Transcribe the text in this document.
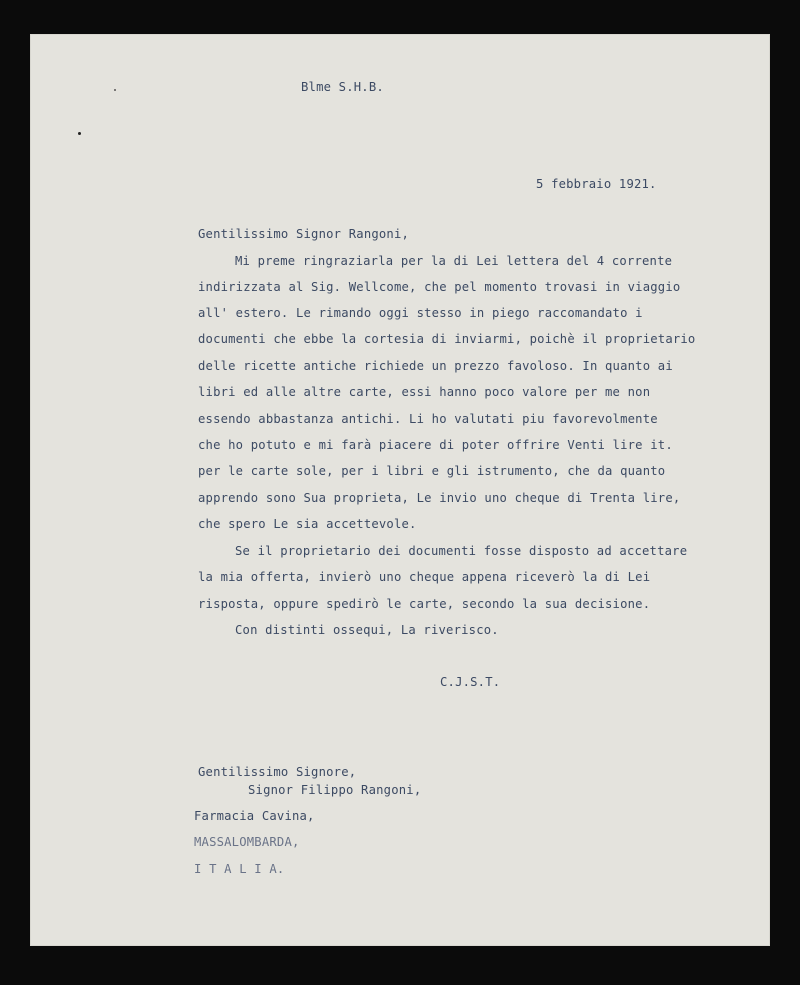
Blme S.H.B.
5 febbraio 1921.
Gentilissimo Signor Rangoni,
Mi preme ringraziarla per la di Lei lettera del 4 corrente
indirizzata al Sig. Wellcome, che pel momento trovasi in viaggio
all' estero. Le rimando oggi stesso in piego raccomandato i
documenti che ebbe la cortesia di inviarmi, poichè il proprietario
delle ricette antiche richiede un prezzo favoloso. In quanto ai
libri ed alle altre carte, essi hanno poco valore per me non
essendo abbastanza antichi. Li ho valutati piu favorevolmente
che ho potuto e mi farà piacere di poter offrire Venti lire it.
per le carte sole, per i libri e gli istrumento, che da quanto
apprendo sono Sua proprieta, Le invio uno cheque di Trenta lire,
che spero Le sia accettevole.
Se il proprietario dei documenti fosse disposto ad accettare
la mia offerta, invierò uno cheque appena riceverò la di Lei
risposta, oppure spedirò le carte, secondo la sua decisione.
Con distinti ossequi, La riverisco.
C.J.S.T.
Gentilissimo Signore,
Signor Filippo Rangoni,
Farmacia Cavina,
MASSALOMBARDA,
I T A L I A.
